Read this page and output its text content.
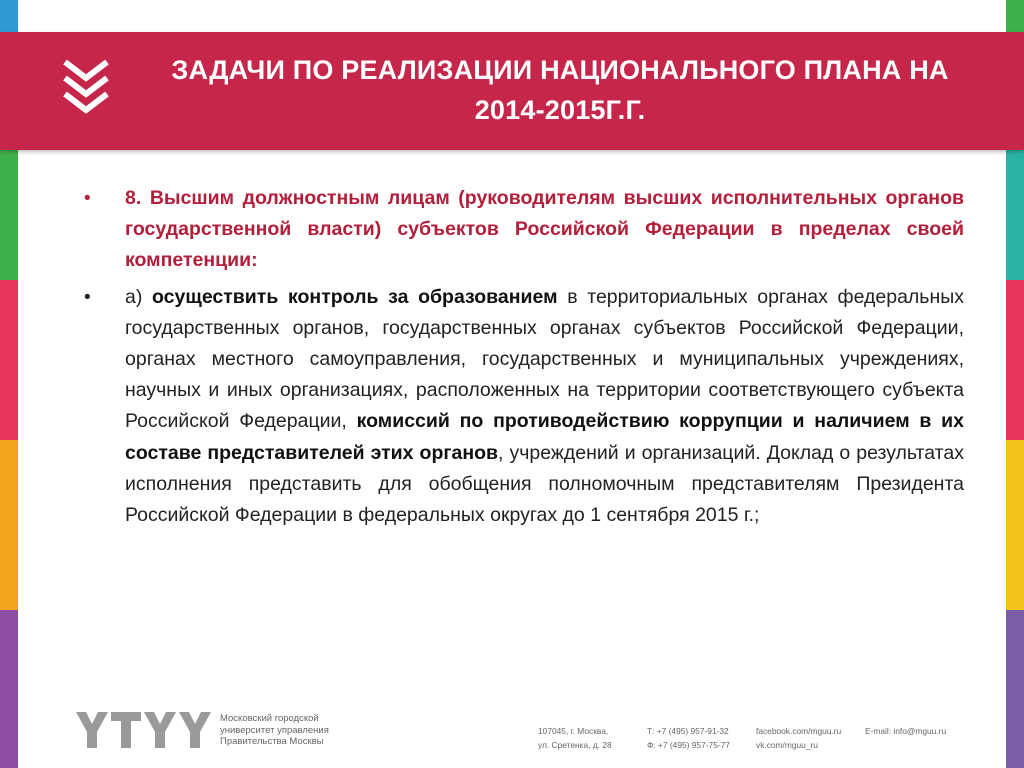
ЗАДАЧИ ПО РЕАЛИЗАЦИИ НАЦИОНАЛЬНОГО ПЛАНА НА
2014-2015Г.Г.
•	8. Высшим должностным лицам (руководителям высших исполнительных органов государственной власти) субъектов Российской Федерации в пределах своей компетенции:

•	а) осуществить контроль за образованием в территориальных органах федеральных государственных органов, государственных органах субъектов Российской Федерации, органах местного самоуправления, государственных и муниципальных учреждениях, научных и иных организациях, расположенных на территории соответствующего субъекта Российской Федерации, комиссий по противодействию коррупции и наличием в их составе представителей этих органов, учреждений и организаций. Доклад о результатах исполнения представить для обобщения полномочным представителям Президента Российской Федерации в федеральных округах до 1 сентября 2015 г.;

Московский городской
университет управления
Правительства Москвы
107045, г. Москва,
ул. Сретенка, д. 28
Т: +7 (495) 957-91-32
Ф: +7 (495) 957-75-77
facebook.com/mguu.ru
vk.com/mguu_ru
E-mail: info@mguu.ru
